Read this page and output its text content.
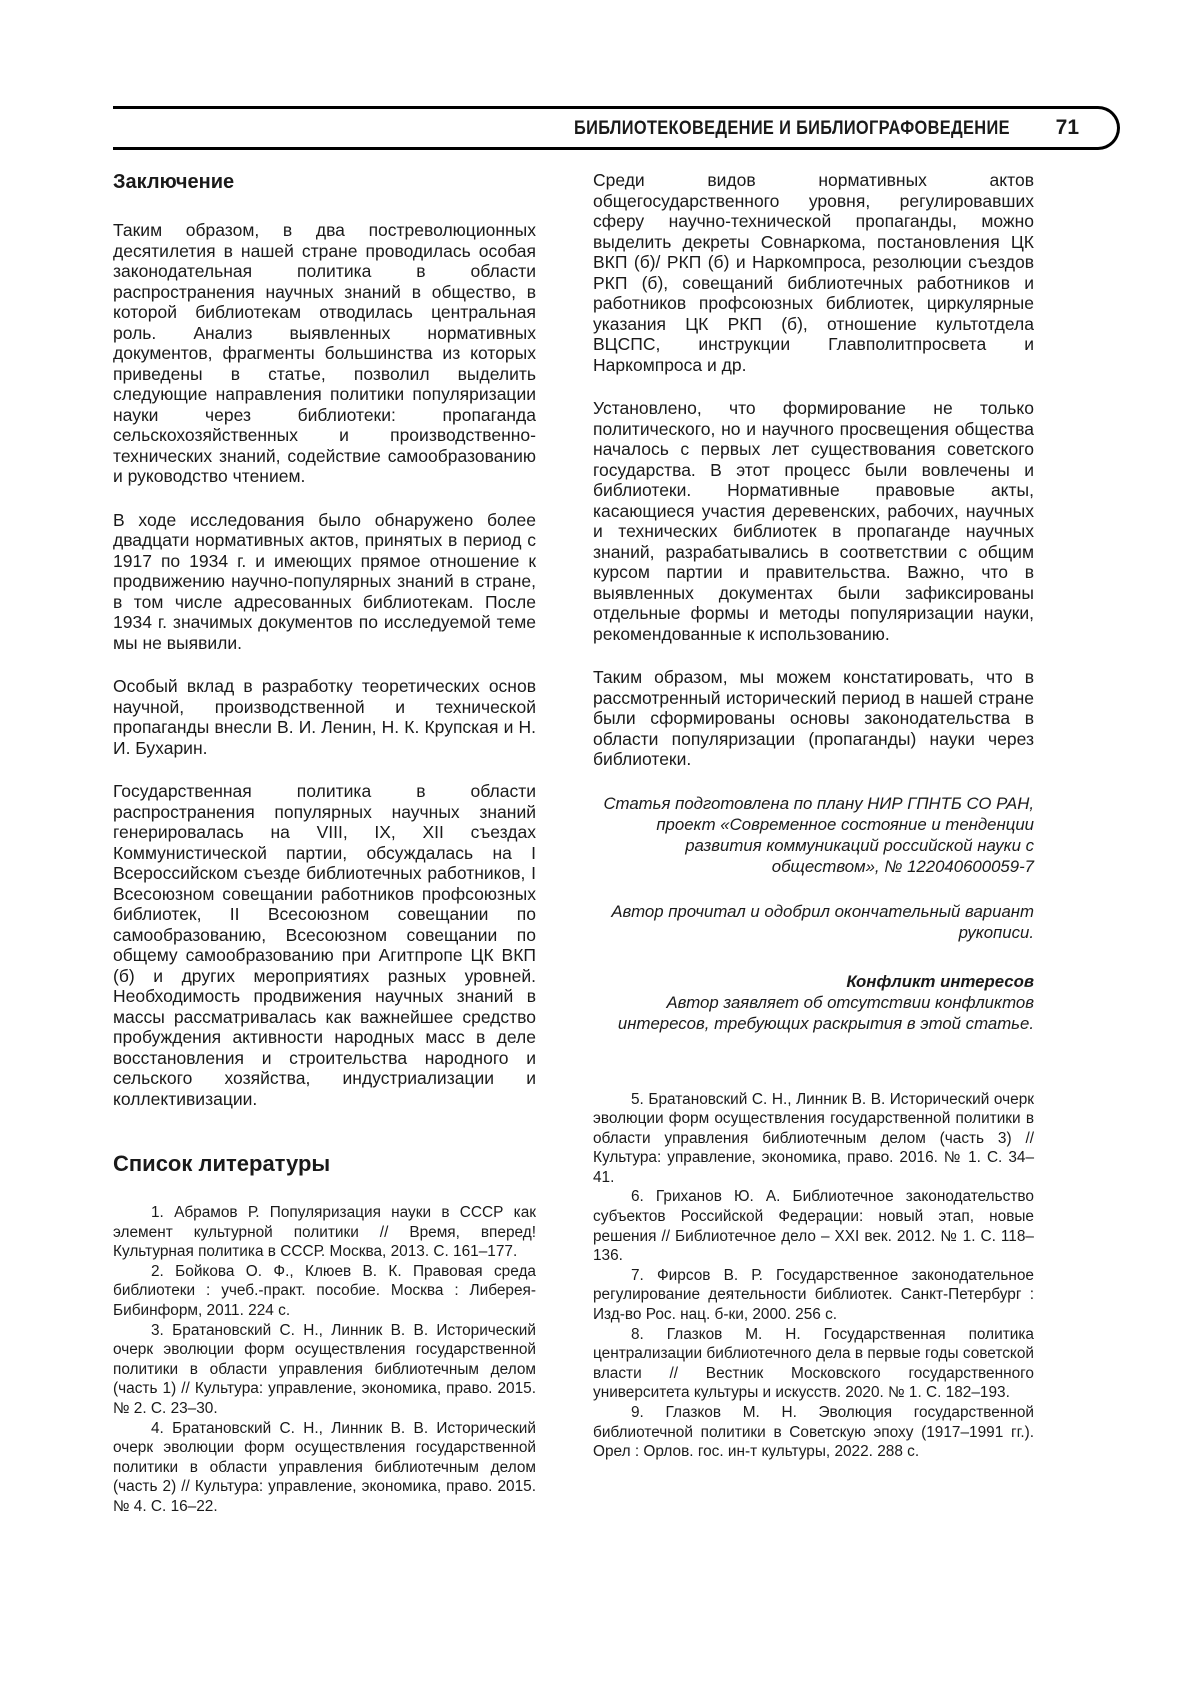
БИБЛИОТЕКОВЕДЕНИЕ И БИБЛИОГРАФОВЕДЕНИЕ 71
Заключение

Таким образом, в два постреволюционных десятилетия в нашей стране проводилась особая законодательная политика в области распространения научных знаний в общество, в которой библиотекам отводилась центральная роль. Анализ выявленных нормативных документов, фрагменты большинства из которых приведены в статье, позволил выделить следующие направления политики популяризации науки через библиотеки: пропаганда сельскохозяйственных и производственно-технических знаний, содействие самообразованию и руководство чтением.

В ходе исследования было обнаружено более двадцати нормативных актов, принятых в период с 1917 по 1934 г. и имеющих прямое отношение к продвижению научно-популярных знаний в стране, в том числе адресованных библиотекам. После 1934 г. значимых документов по исследуемой теме мы не выявили.

Особый вклад в разработку теоретических основ научной, производственной и технической пропаганды внесли В. И. Ленин, Н. К. Крупская и Н. И. Бухарин.

Государственная политика в области распространения популярных научных знаний генерировалась на VIII, IX, XII съездах Коммунистической партии, обсуждалась на I Всероссийском съезде библиотечных работников, I Всесоюзном совещании работников профсоюзных библиотек, II Всесоюзном совещании по самообразованию, Всесоюзном совещании по общему самообразованию при Агитпропе ЦК ВКП (б) и других мероприятиях разных уровней. Необходимость продвижения научных знаний в массы рассматривалась как важнейшее средство пробуждения активности народных масс в деле восстановления и строительства народного и сельского хозяйства, индустриализации и коллективизации.

Список литературы

1. Абрамов Р. Популяризация науки в СССР как элемент культурной политики // Время, вперед! Культурная политика в СССР. Москва, 2013. С. 161–177.

2. Бойкова О. Ф., Клюев В. К. Правовая среда библиотеки : учеб.-практ. пособие. Москва : Либерея-Бибинформ, 2011. 224 с.

3. Братановский С. Н., Линник В. В. Исторический очерк эволюции форм осуществления государственной политики в области управления библиотечным делом (часть 1) // Культура: управление, экономика, право. 2015. № 2. С. 23–30.

4. Братановский С. Н., Линник В. В. Исторический очерк эволюции форм осуществления государственной политики в области управления библиотечным делом (часть 2) // Культура: управление, экономика, право. 2015. № 4. С. 16–22.

Среди видов нормативных актов общегосударственного уровня, регулировавших сферу научно-технической пропаганды, можно выделить декреты Совнаркома, постановления ЦК ВКП (б)/ РКП (б) и Наркомпроса, резолюции съездов РКП (б), совещаний библиотечных работников и работников профсоюзных библиотек, циркулярные указания ЦК РКП (б), отношение культотдела ВЦСПС, инструкции Главполитпросвета и Наркомпроса и др.

Установлено, что формирование не только политического, но и научного просвещения общества началось с первых лет существования советского государства. В этот процесс были вовлечены и библиотеки. Нормативные правовые акты, касающиеся участия деревенских, рабочих, научных и технических библиотек в пропаганде научных знаний, разрабатывались в соответствии с общим курсом партии и правительства. Важно, что в выявленных документах были зафиксированы отдельные формы и методы популяризации науки, рекомендованные к использованию.

Таким образом, мы можем констатировать, что в рассмотренный исторический период в нашей стране были сформированы основы законодательства в области популяризации (пропаганды) науки через библиотеки.

Статья подготовлена по плану НИР ГПНТБ СО РАН, проект «Современное состояние и тенденции развития коммуникаций российской науки с обществом», № 122040600059-7

Автор прочитал и одобрил окончательный вариант рукописи.

Конфликт интересов

Автор заявляет об отсутствии конфликтов интересов, требующих раскрытия в этой статье.

5. Братановский С. Н., Линник В. В. Исторический очерк эволюции форм осуществления государственной политики в области управления библиотечным делом (часть 3) // Культура: управление, экономика, право. 2016. № 1. С. 34–41.

6. Гриханов Ю. А. Библиотечное законодательство субъектов Российской Федерации: новый этап, новые решения // Библиотечное дело – XXI век. 2012. № 1. С. 118–136.

7. Фирсов В. Р. Государственное законодательное регулирование деятельности библиотек. Санкт-Петербург : Изд-во Рос. нац. б-ки, 2000. 256 с.

8. Глазков М. Н. Государственная политика централизации библиотечного дела в первые годы советской власти // Вестник Московского государственного университета культуры и искусств. 2020. № 1. С. 182–193.

9. Глазков М. Н. Эволюция государственной библиотечной политики в Советскую эпоху (1917–1991 гг.). Орел : Орлов. гос. ин-т культуры, 2022. 288 с.
